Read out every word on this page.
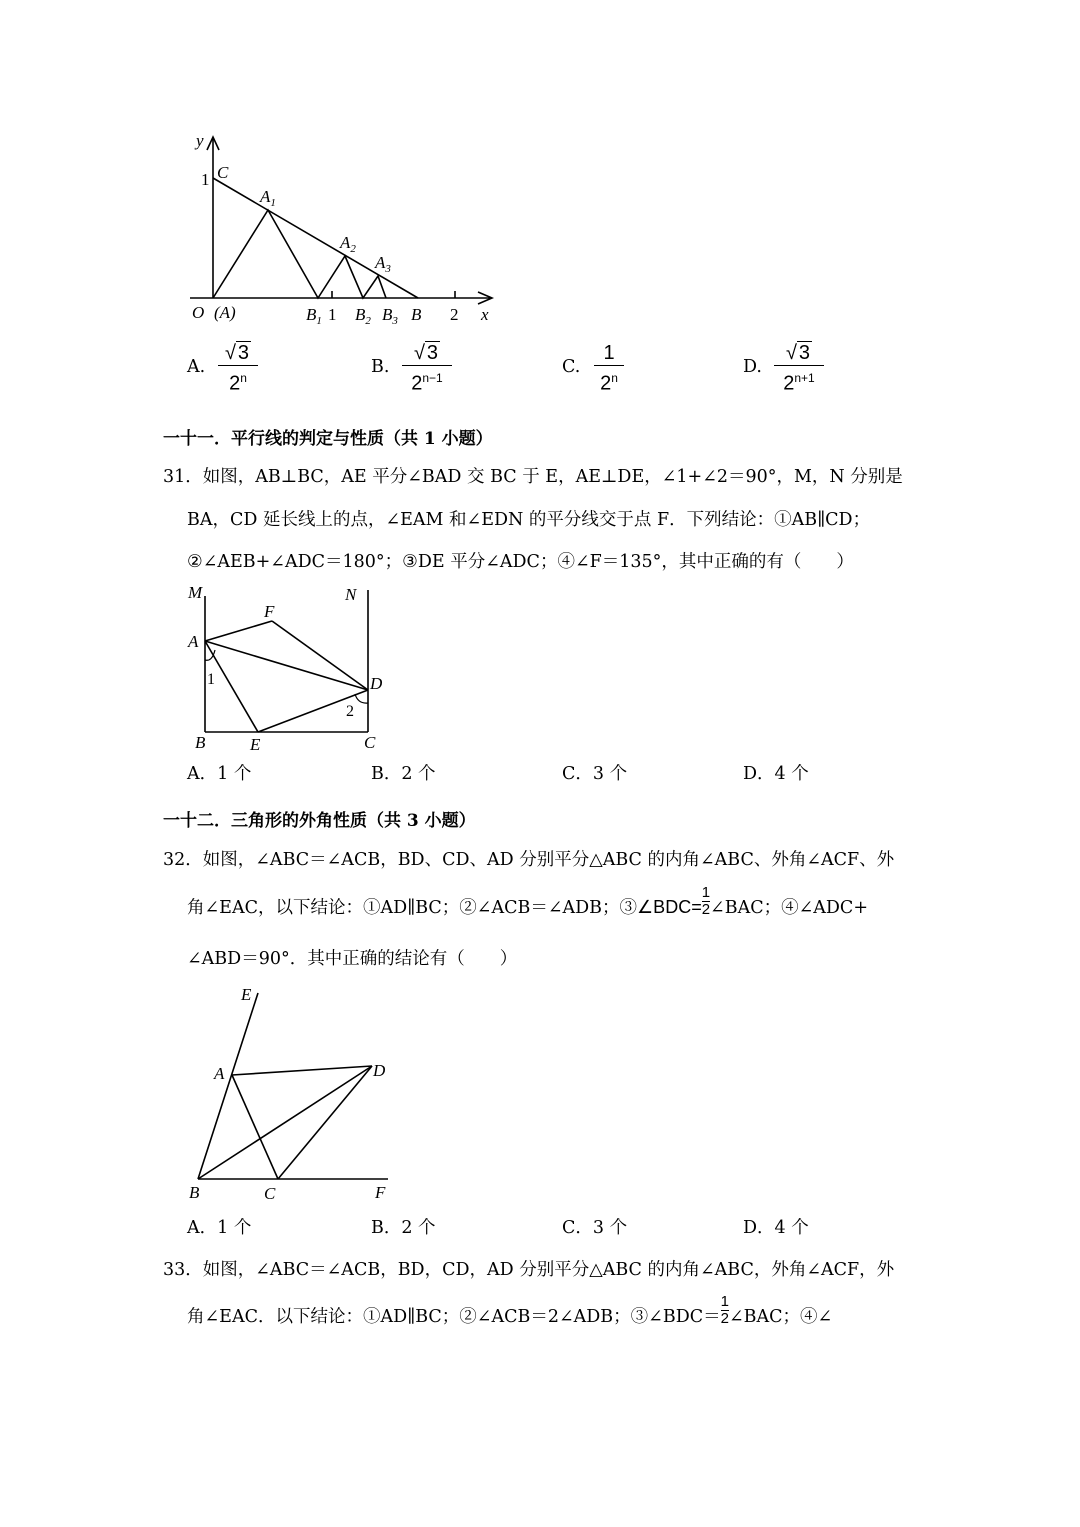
y
C
1
$A_1$
$A_2$
$A_3$
O (A)	$B_1$ 1 $B_2$ $B_3$ B 2 x
A.
√ 3
2$^n$
B.
√ 3
$2^{n-1}$
C.
1
2$^n$
D.
√ 3
$2^{n+1}$
一十一．平行线的判定与性质（共 1 小题）
31．如图，AB⊥BC，AE 平分∠BAD 交 BC 于 E，AE⊥DE，∠1+∠2＝90°，M，N 分别是
BA，CD 延长线上的点，∠EAM 和∠EDN 的平分线交于点 F．下列结论：①AB∥CD；
②∠AEB+∠ADC＝180°；③DE 平分∠ADC；④∠F＝135°，其中正确的有（　　）
M	N
F
A
D
1
2
B	E	C
A．1 个	B．2 个	C．3 个	D．4 个
一十二．三角形的外角性质（共 3 小题）
32．如图，∠ABC＝∠ACB，BD、CD、AD 分别平分△ABC 的内角∠ABC、外角∠ACF、外
角∠EAC，以下结论：①AD∥BC；②∠ACB＝∠ADB；③∠BDC= $\frac{1}{2}$ ∠BAC；④∠ADC+
∠ABD＝90°．其中正确的结论有（　　）
E
A	D
B	C	F
A．1 个	B．2 个	C．3 个	D．4 个
33．如图，∠ABC＝∠ACB，BD，CD，AD 分别平分△ABC 的内角∠ABC，外角∠ACF，外
角∠EAC．以下结论：①AD∥BC；②∠ACB＝2∠ADB；③∠BDC＝ $\frac{1}{2}$ ∠BAC；④∠
